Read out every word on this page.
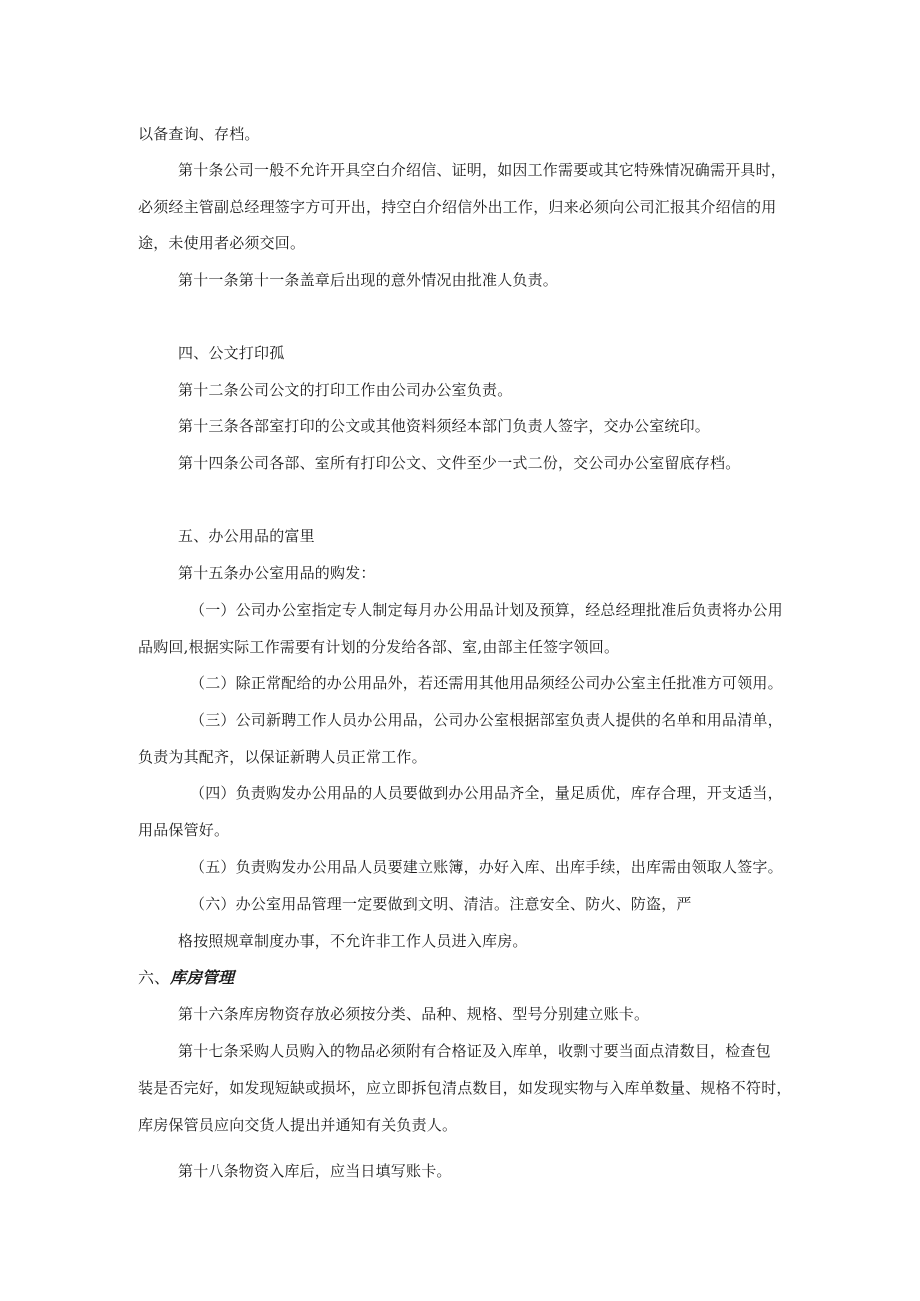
以备查询、存档。
第十条公司一般不允许开具空白介绍信、证明，如因工作需要或其它特殊情况确需开具时，
必须经主管副总经理签字方可开出，持空白介绍信外出工作，归来必须向公司汇报其介绍信的用
途，未使用者必须交回。
第十一条第十一条盖章后出现的意外情况由批准人负责。
四、公文打印孤
第十二条公司公文的打印工作由公司办公室负责。
第十三条各部室打印的公文或其他资料须经本部门负责人签字，交办公室统印。
第十四条公司各部、室所有打印公文、文件至少一式二份，交公司办公室留底存档。
五、办公用品的富里
第十五条办公室用品的购发：
（一）公司办公室指定专人制定每月办公用品计划及预算，经总经理批准后负责将办公用
品购回,根据实际工作需要有计划的分发给各部、室,由部主任签字领回。
（二）除正常配给的办公用品外，若还需用其他用品须经公司办公室主任批准方可领用。
（三）公司新聘工作人员办公用品，公司办公室根据部室负责人提供的名单和用品清单，
负责为其配齐，以保证新聘人员正常工作。
（四）负责购发办公用品的人员要做到办公用品齐全，量足质优，库存合理，开支适当，
用品保管好。
（五）负责购发办公用品人员要建立账簿，办好入库、出库手续，出库需由领取人签字。
（六）办公室用品管理一定要做到文明、清洁。注意安全、防火、防盗，严
格按照规章制度办事，不允许非工作人员进入库房。
六、库房管理
第十六条库房物资存放必须按分类、品种、规格、型号分别建立账卡。
第十七条采购人员购入的物品必须附有合格证及入库单，收剽寸要当面点清数目，检查包
装是否完好，如发现短缺或损坏，应立即拆包清点数目，如发现实物与入库单数量、规格不符时，
库房保管员应向交货人提出并通知有关负责人。
第十八条物资入库后，应当日填写账卡。
